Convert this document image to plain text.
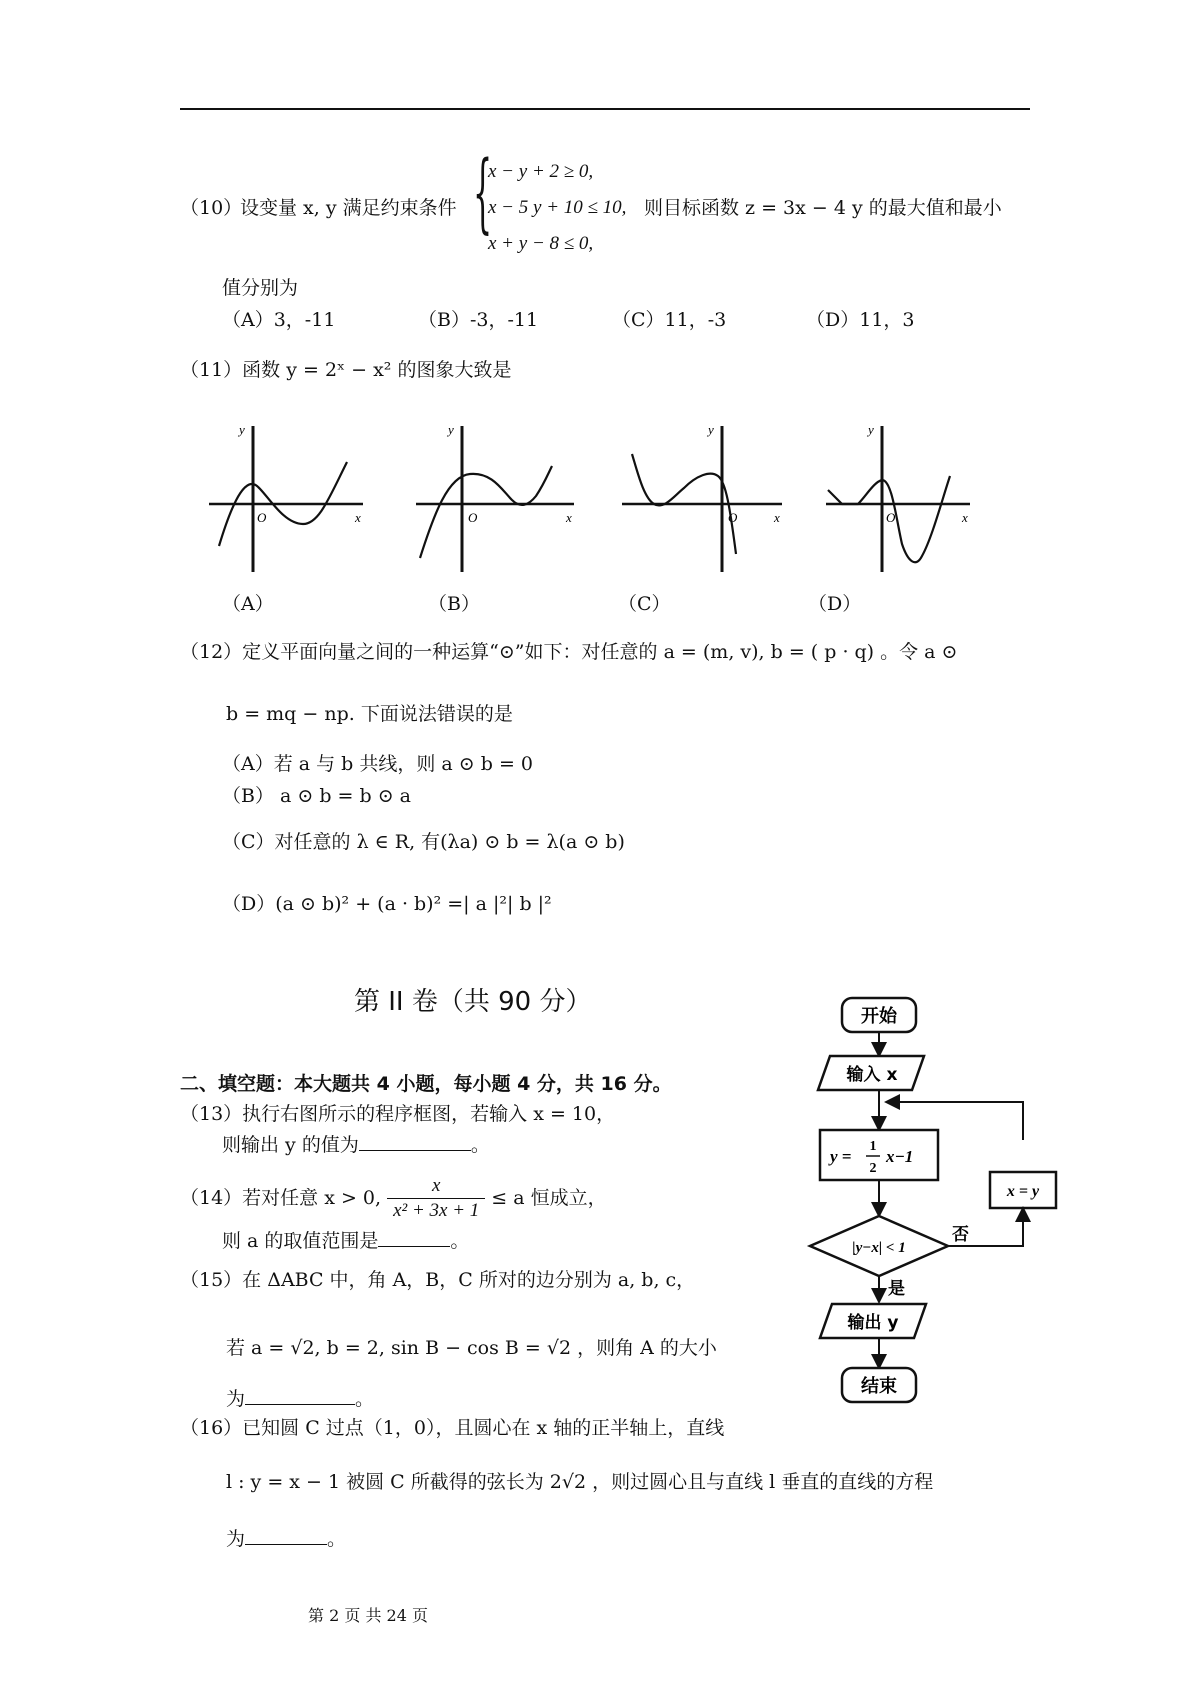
（10）
设变量 x, y 满足约束条件 {
x − y + 2 ≥ 0,
x − 5 y + 10 ≤ 10,
x + y − 8 ≤ 0,
则目标函数 z = 3x − 4 y 的最大值和最小
值分别为
（A）3，-11	（B）-3，-11	（C）11，-3	（D）11，3
（11）函数 y = 2ˣ − x² 的图象大致是
y
x
O
y
x
O
y
x
O
y
x
O
（A）	（B）	（C）	（D）
（12）定义平面向量之间的一种运算“⊙”如下：对任意的 a = (m, v), b = ( p · q) 。令 a ⊙
b = mq − np. 下面说法错误的是
（A）若 a 与 b 共线，则 a ⊙ b = 0
（B） a ⊙ b = b ⊙ a
（C）对任意的 λ ∈ R, 有(λa) ⊙ b = λ(a ⊙ b)
（D）(a ⊙ b)² + (a · b)² =| a |²| b |²
第 II 卷（共 90 分）
二、填空题：本大题共 4 小题，每小题 4 分，共 16 分。
（13）执行右图所示的程序框图，若输入 x = 10，
则输出 y 的值为	。
（14）若对任意 x > 0, $\frac{x}{\text{x² + 3x + 1}} \le a$ 恒成立，
则 a 的取值范围是	。
（15）在 ΔABC 中，角 A，B，C 所对的边分别为 a, b, c，
若 a = √2, b = 2, sin B − cos B = √2 ，则角 A 的大小
为	。
（16）已知圆 C 过点（1，0），且圆心在 x 轴的正半轴上，直线
l : y = x − 1 被圆 C 所截得的弦长为 2√2 ，则过圆心且与直线 l 垂直的直线的方程
为	。
开始
输入 x
y =
1
2
x−1
x = y
|y−x| < 1
否
是
输出 y
结束
第 2 页 共 24 页
